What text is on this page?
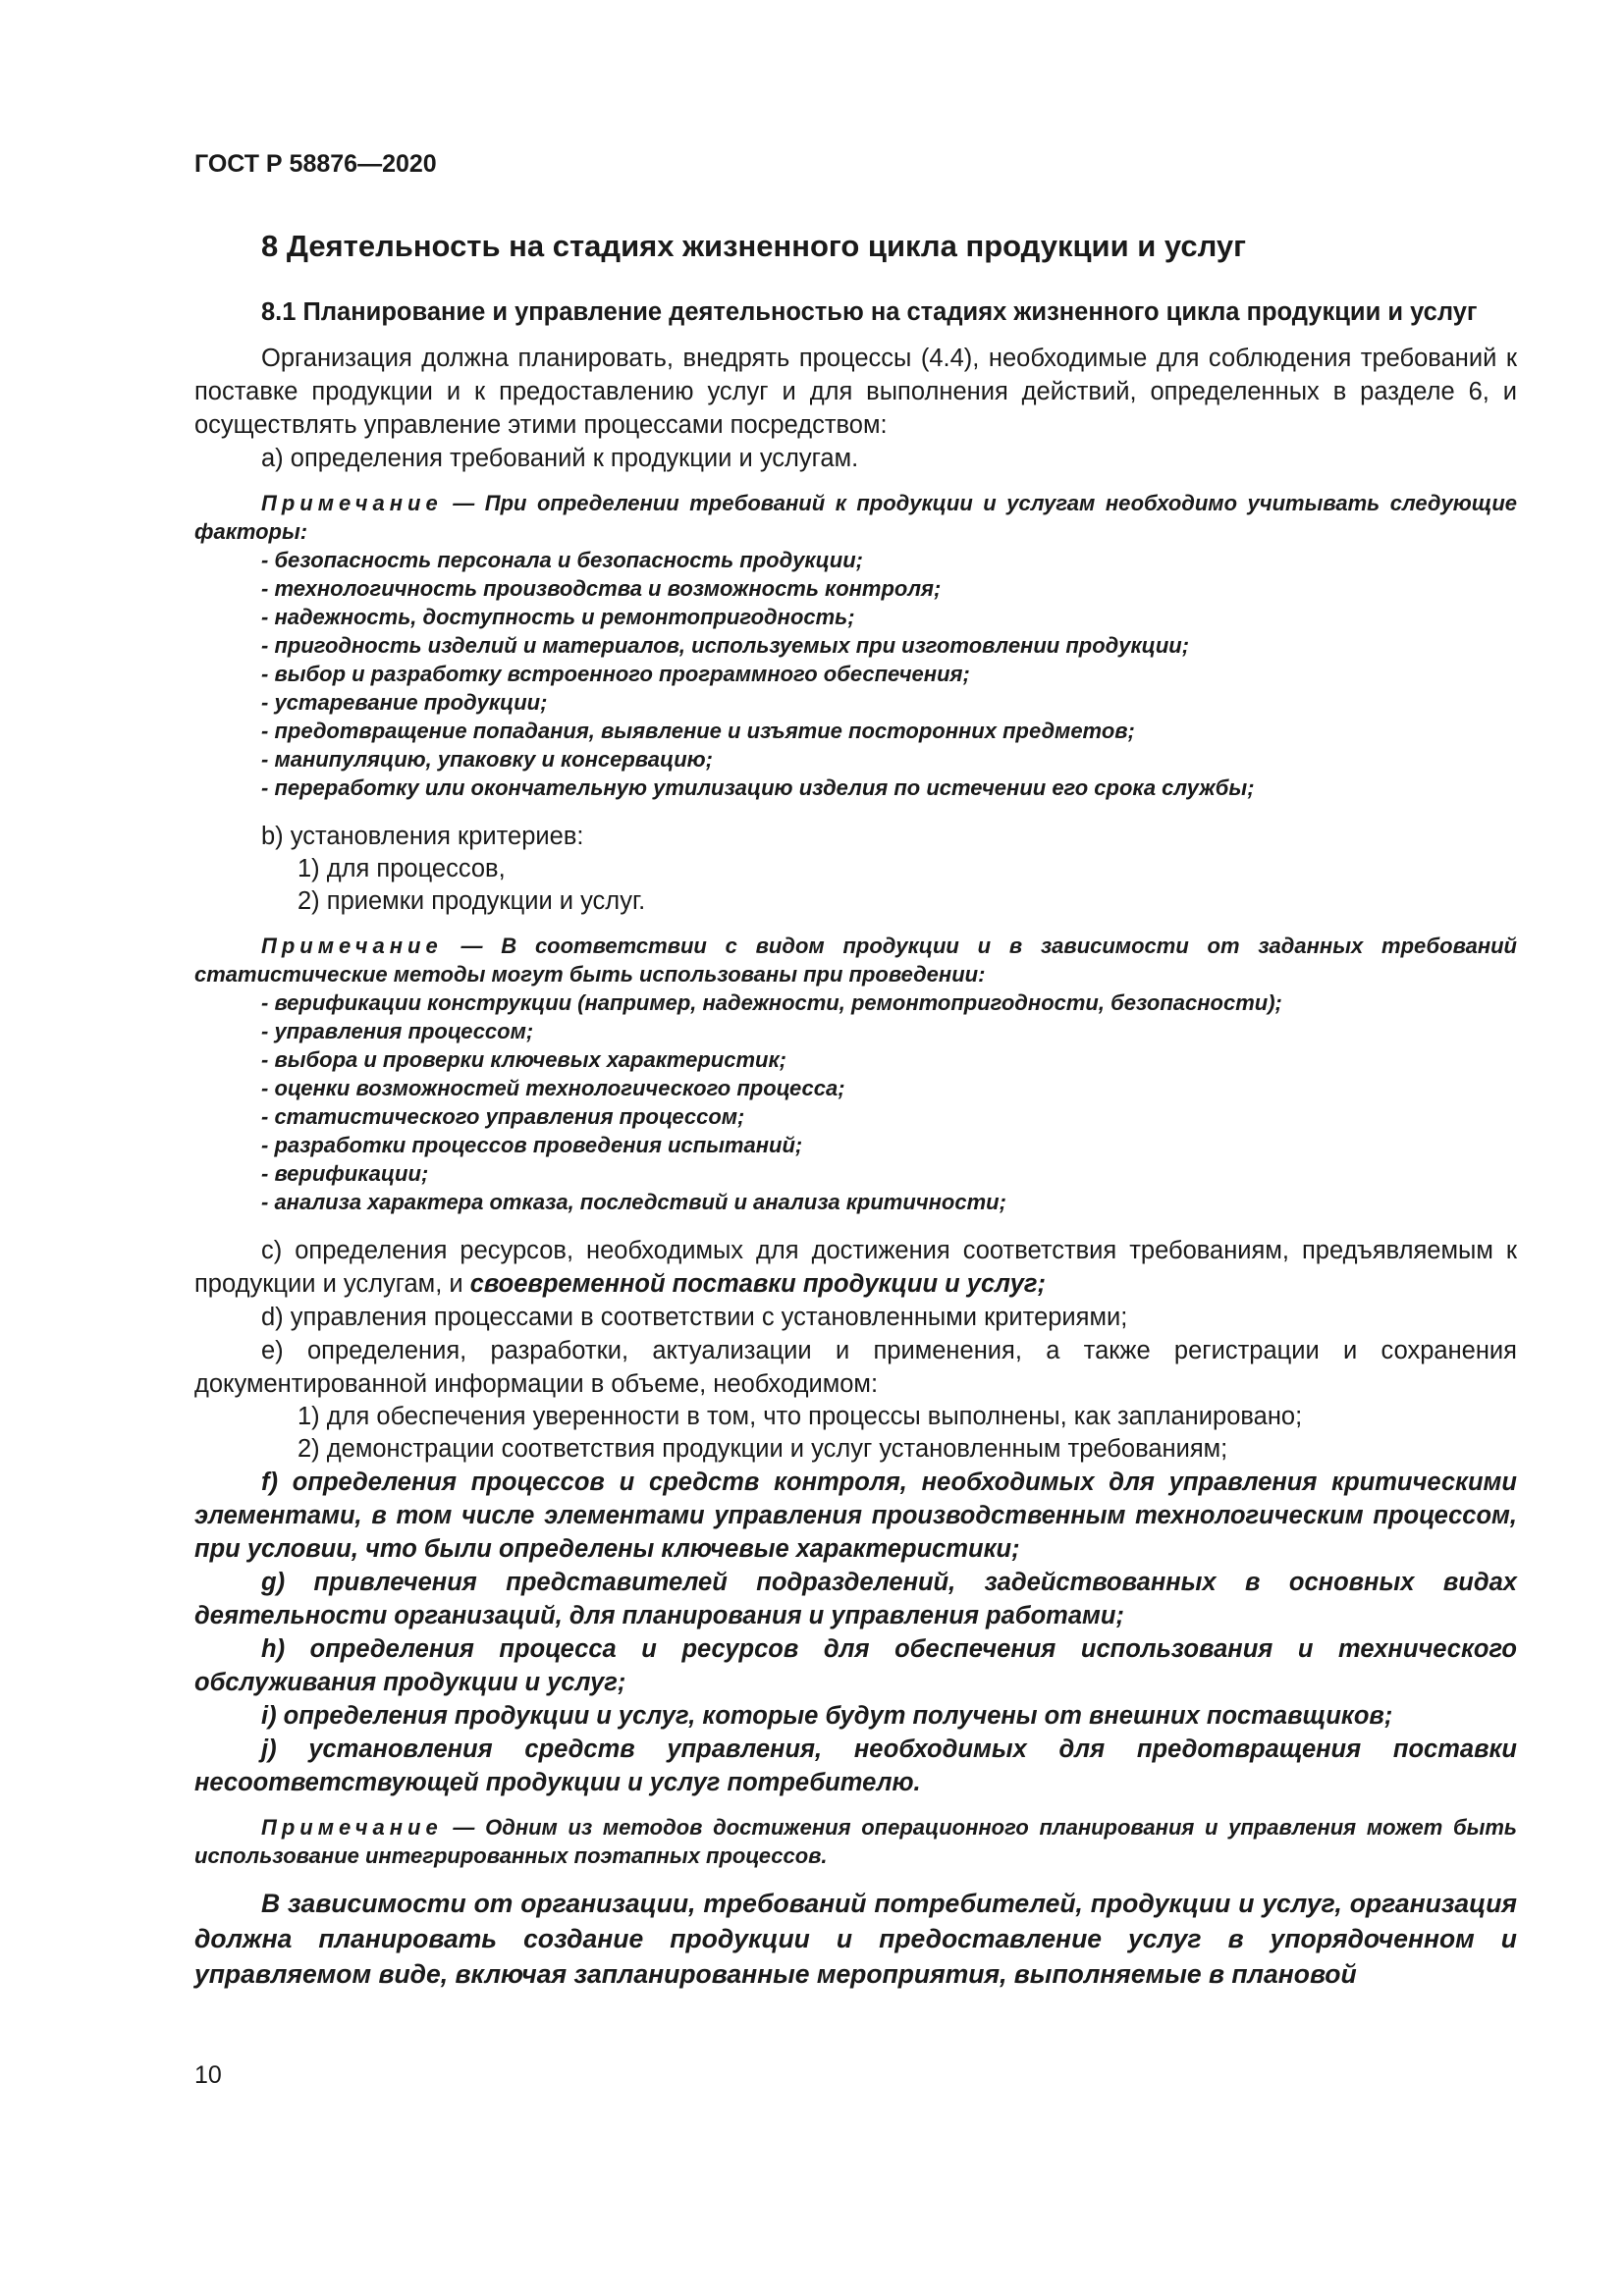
ГОСТ Р 58876—2020
8 Деятельность на стадиях жизненного цикла продукции и услуг
8.1 Планирование и управление деятельностью на стадиях жизненного цикла продукции и услуг

Организация должна планировать, внедрять процессы (4.4), необходимые для соблюдения требований к поставке продукции и к предоставлению услуг и для выполнения действий, определенных в разделе 6, и осуществлять управление этими процессами посредством:

a) определения требований к продукции и услугам.

Примечание — При определении требований к продукции и услугам необходимо учитывать следующие факторы:

- безопасность персонала и безопасность продукции;

- технологичность производства и возможность контроля;

- надежность, доступность и ремонтопригодность;

- пригодность изделий и материалов, используемых при изготовлении продукции;

- выбор и разработку встроенного программного обеспечения;

- устаревание продукции;

- предотвращение попадания, выявление и изъятие посторонних предметов;

- манипуляцию, упаковку и консервацию;

- переработку или окончательную утилизацию изделия по истечении его срока службы;

b) установления критериев:

1) для процессов,

2) приемки продукции и услуг.

Примечание — В соответствии с видом продукции и в зависимости от заданных требований статистические методы могут быть использованы при проведении:

- верификации конструкции (например, надежности, ремонтопригодности, безопасности);

- управления процессом;

- выбора и проверки ключевых характеристик;

- оценки возможностей технологического процесса;

- статистического управления процессом;

- разработки процессов проведения испытаний;

- верификации;

- анализа характера отказа, последствий и анализа критичности;

c) определения ресурсов, необходимых для достижения соответствия требованиям, предъявляемым к продукции и услугам, и своевременной поставки продукции и услуг;

d) управления процессами в соответствии с установленными критериями;

e) определения, разработки, актуализации и применения, а также регистрации и сохранения документированной информации в объеме, необходимом:

1) для обеспечения уверенности в том, что процессы выполнены, как запланировано;

2) демонстрации соответствия продукции и услуг установленным требованиям;

f) определения процессов и средств контроля, необходимых для управления критическими элементами, в том числе элементами управления производственным технологическим процессом, при условии, что были определены ключевые характеристики;

g) привлечения представителей подразделений, задействованных в основных видах деятельности организаций, для планирования и управления работами;

h) определения процесса и ресурсов для обеспечения использования и технического обслуживания продукции и услуг;

i) определения продукции и услуг, которые будут получены от внешних поставщиков;

j) установления средств управления, необходимых для предотвращения поставки несоответствующей продукции и услуг потребителю.

Примечание — Одним из методов достижения операционного планирования и управления может быть использование интегрированных поэтапных процессов.

В зависимости от организации, требований потребителей, продукции и услуг, организация должна планировать создание продукции и предоставление услуг в упорядоченном и управляемом виде, включая запланированные мероприятия, выполняемые в плановой

10
